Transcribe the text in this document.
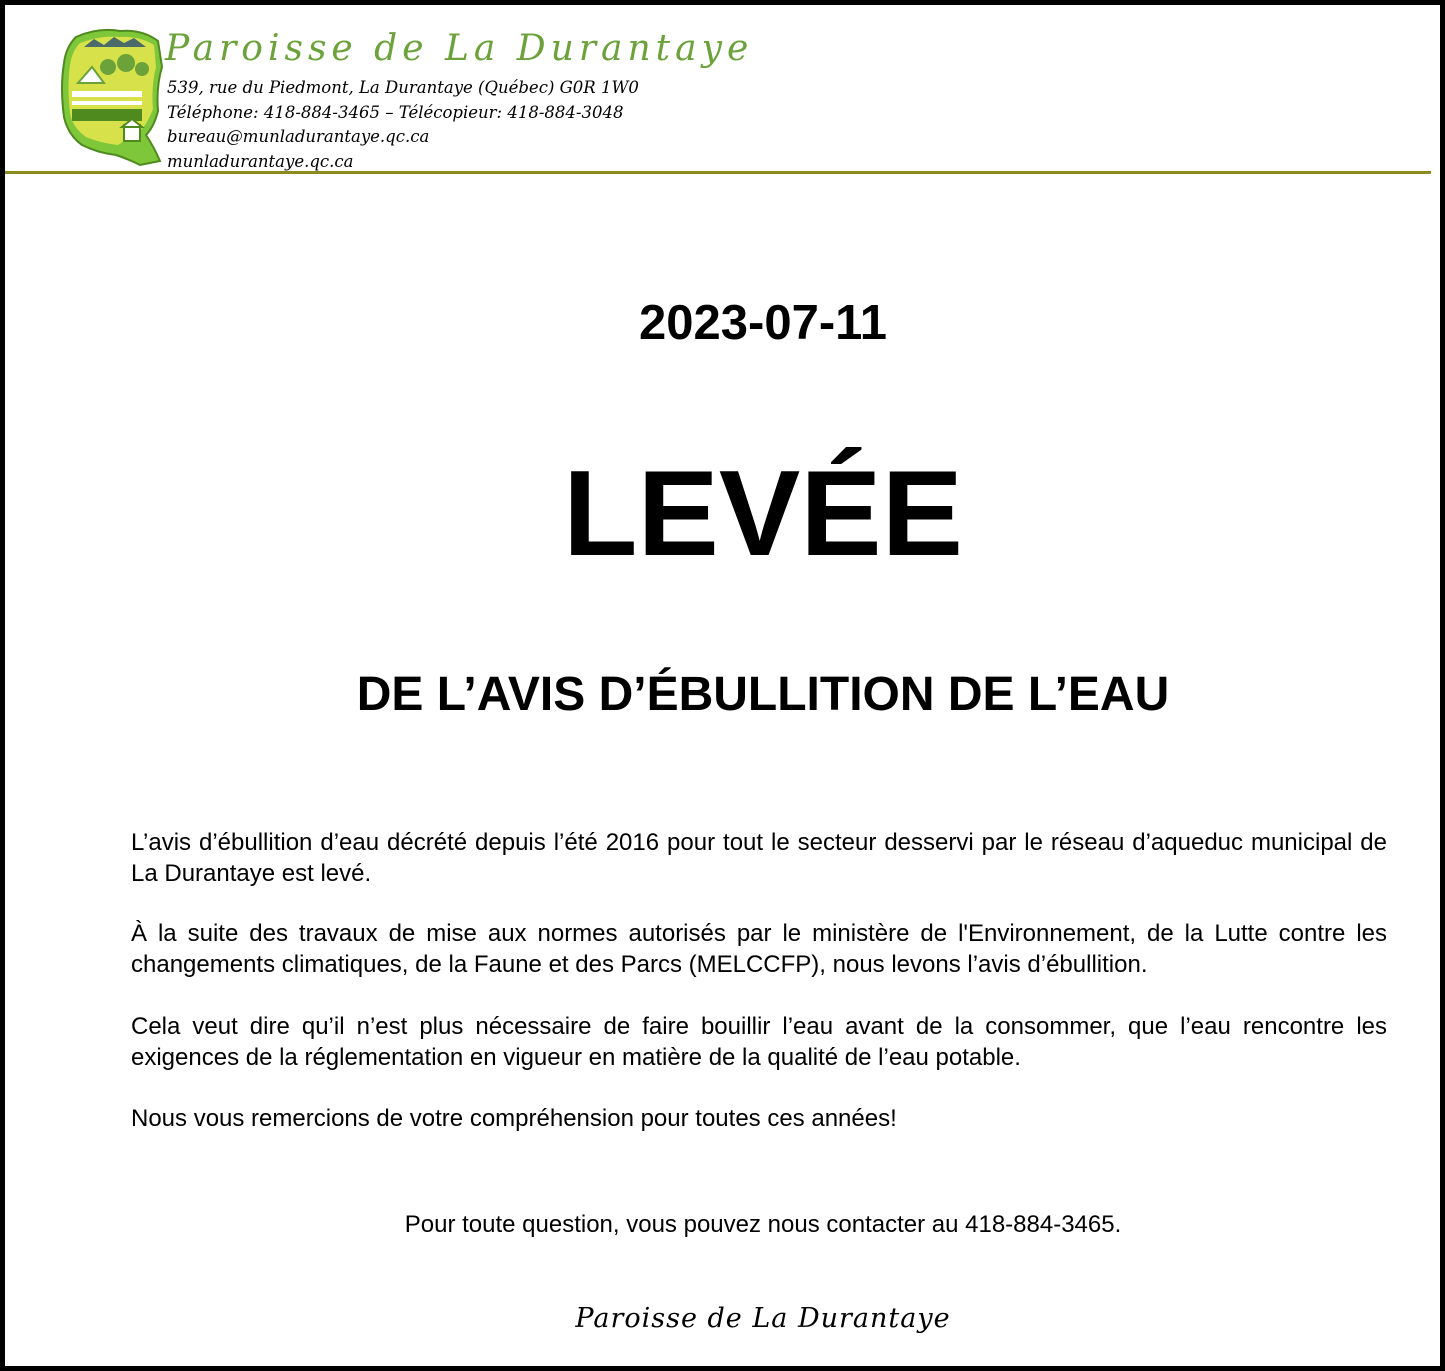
Paroisse de La Durantaye
539, rue du Piedmont, La Durantaye (Québec) G0R 1W0
Téléphone: 418-884-3465 – Télécopieur: 418-884-3048
bureau@munladurantaye.qc.ca
munladurantaye.qc.ca
2023-07-11
LEVÉE
DE L’AVIS D’ÉBULLITION DE L’EAU

L’avis d’ébullition d’eau décrété depuis l’été 2016 pour tout le secteur desservi par le réseau d’aqueduc municipal de La Durantaye est levé.

À la suite des travaux de mise aux normes autorisés par le ministère de l'Environnement, de la Lutte contre les changements climatiques, de la Faune et des Parcs (MELCCFP), nous levons l’avis d’ébullition.

Cela veut dire qu’il n’est plus nécessaire de faire bouillir l’eau avant de la consommer, que l’eau rencontre les exigences de la réglementation en vigueur en matière de la qualité de l’eau potable.

Nous vous remercions de votre compréhension pour toutes ces années!

Pour toute question, vous pouvez nous contacter au 418-884-3465.
Paroisse de La Durantaye
